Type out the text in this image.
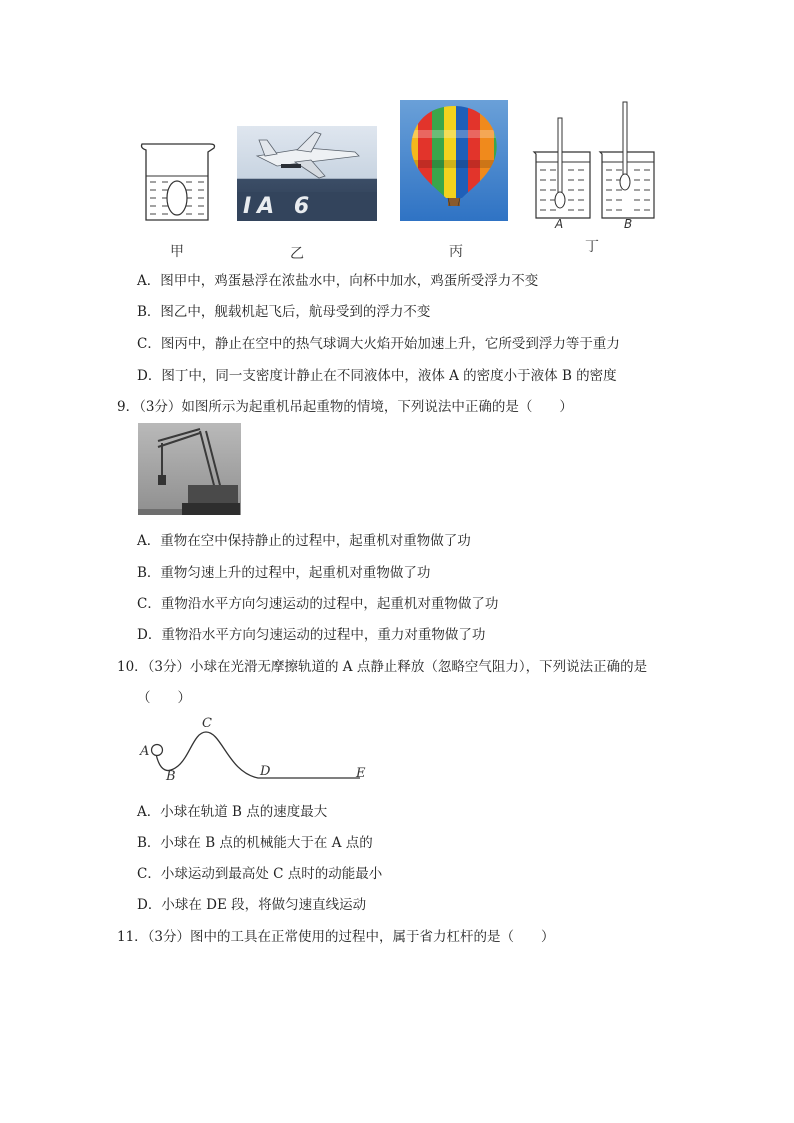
IA 6
A	B
甲	乙	丙	丁
A．图甲中，鸡蛋悬浮在浓盐水中，向杯中加水，鸡蛋所受浮力不变
B．图乙中，舰载机起飞后，航母受到的浮力不变
C．图丙中，静止在空中的热气球调大火焰开始加速上升，它所受到浮力等于重力
D．图丁中，同一支密度计静止在不同液体中，液体 A 的密度小于液体 B 的密度
9．（3分）如图所示为起重机吊起重物的情境，下列说法中正确的是（　　）
A．重物在空中保持静止的过程中，起重机对重物做了功
B．重物匀速上升的过程中，起重机对重物做了功
C．重物沿水平方向匀速运动的过程中，起重机对重物做了功
D．重物沿水平方向匀速运动的过程中，重力对重物做了功
10．（3分）小球在光滑无摩擦轨道的 A 点静止释放（忽略空气阻力），下列说法正确的是
（　　）
A
B
C
D	E
A．小球在轨道 B 点的速度最大
B．小球在 B 点的机械能大于在 A 点的
C．小球运动到最高处 C 点时的动能最小
D．小球在 DE 段，将做匀速直线运动
11．（3分）图中的工具在正常使用的过程中，属于省力杠杆的是（　　）
